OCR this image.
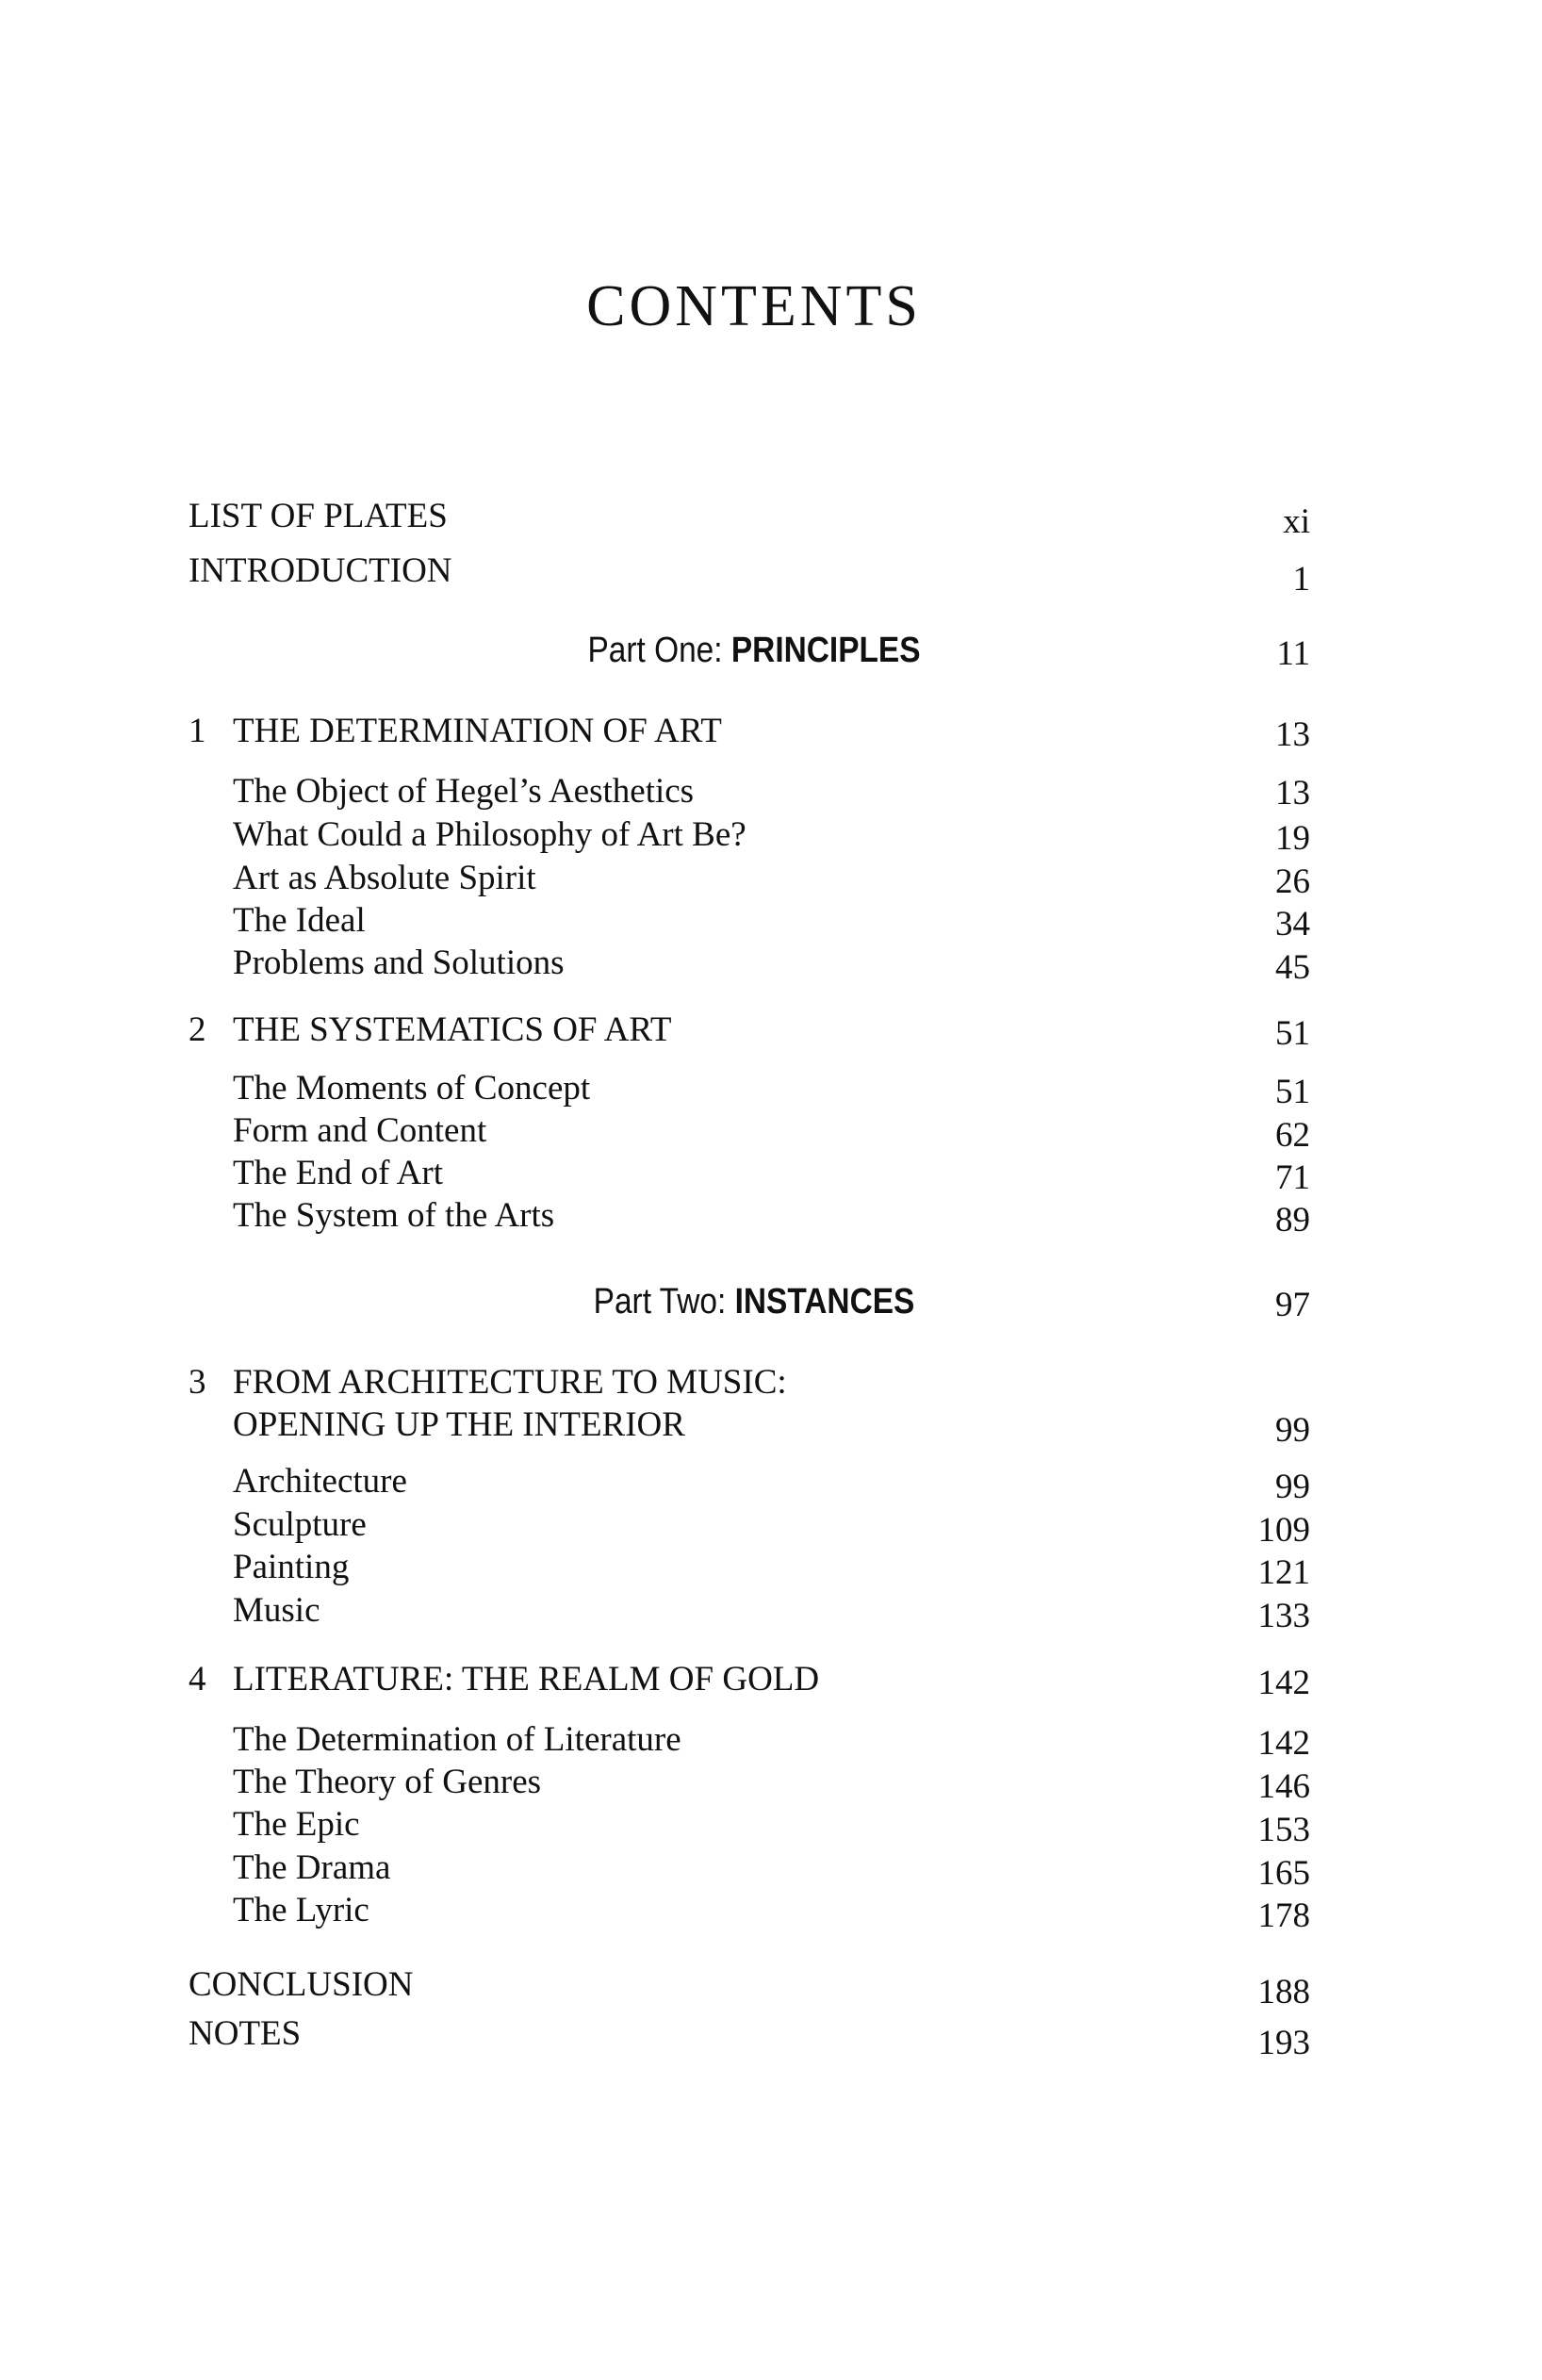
CONTENTS
LIST OF PLATES	xi
INTRODUCTION	1
Part One: PRINCIPLES	11
1 THE DETERMINATION OF ART	13
The Object of Hegel’s Aesthetics	13
What Could a Philosophy of Art Be?	19
Art as Absolute Spirit	26
The Ideal	34
Problems and Solutions	45
2 THE SYSTEMATICS OF ART	51
The Moments of Concept	51
Form and Content	62
The End of Art	71
The System of the Arts	89
Part Two: INSTANCES	97
3 FROM ARCHITECTURE TO MUSIC:
OPENING UP THE INTERIOR	99
Architecture	99
Sculpture	109
Painting	121
Music	133
4 LITERATURE: THE REALM OF GOLD	142
The Determination of Literature	142
The Theory of Genres	146
The Epic	153
The Drama	165
The Lyric	178
CONCLUSION	188
NOTES	193
